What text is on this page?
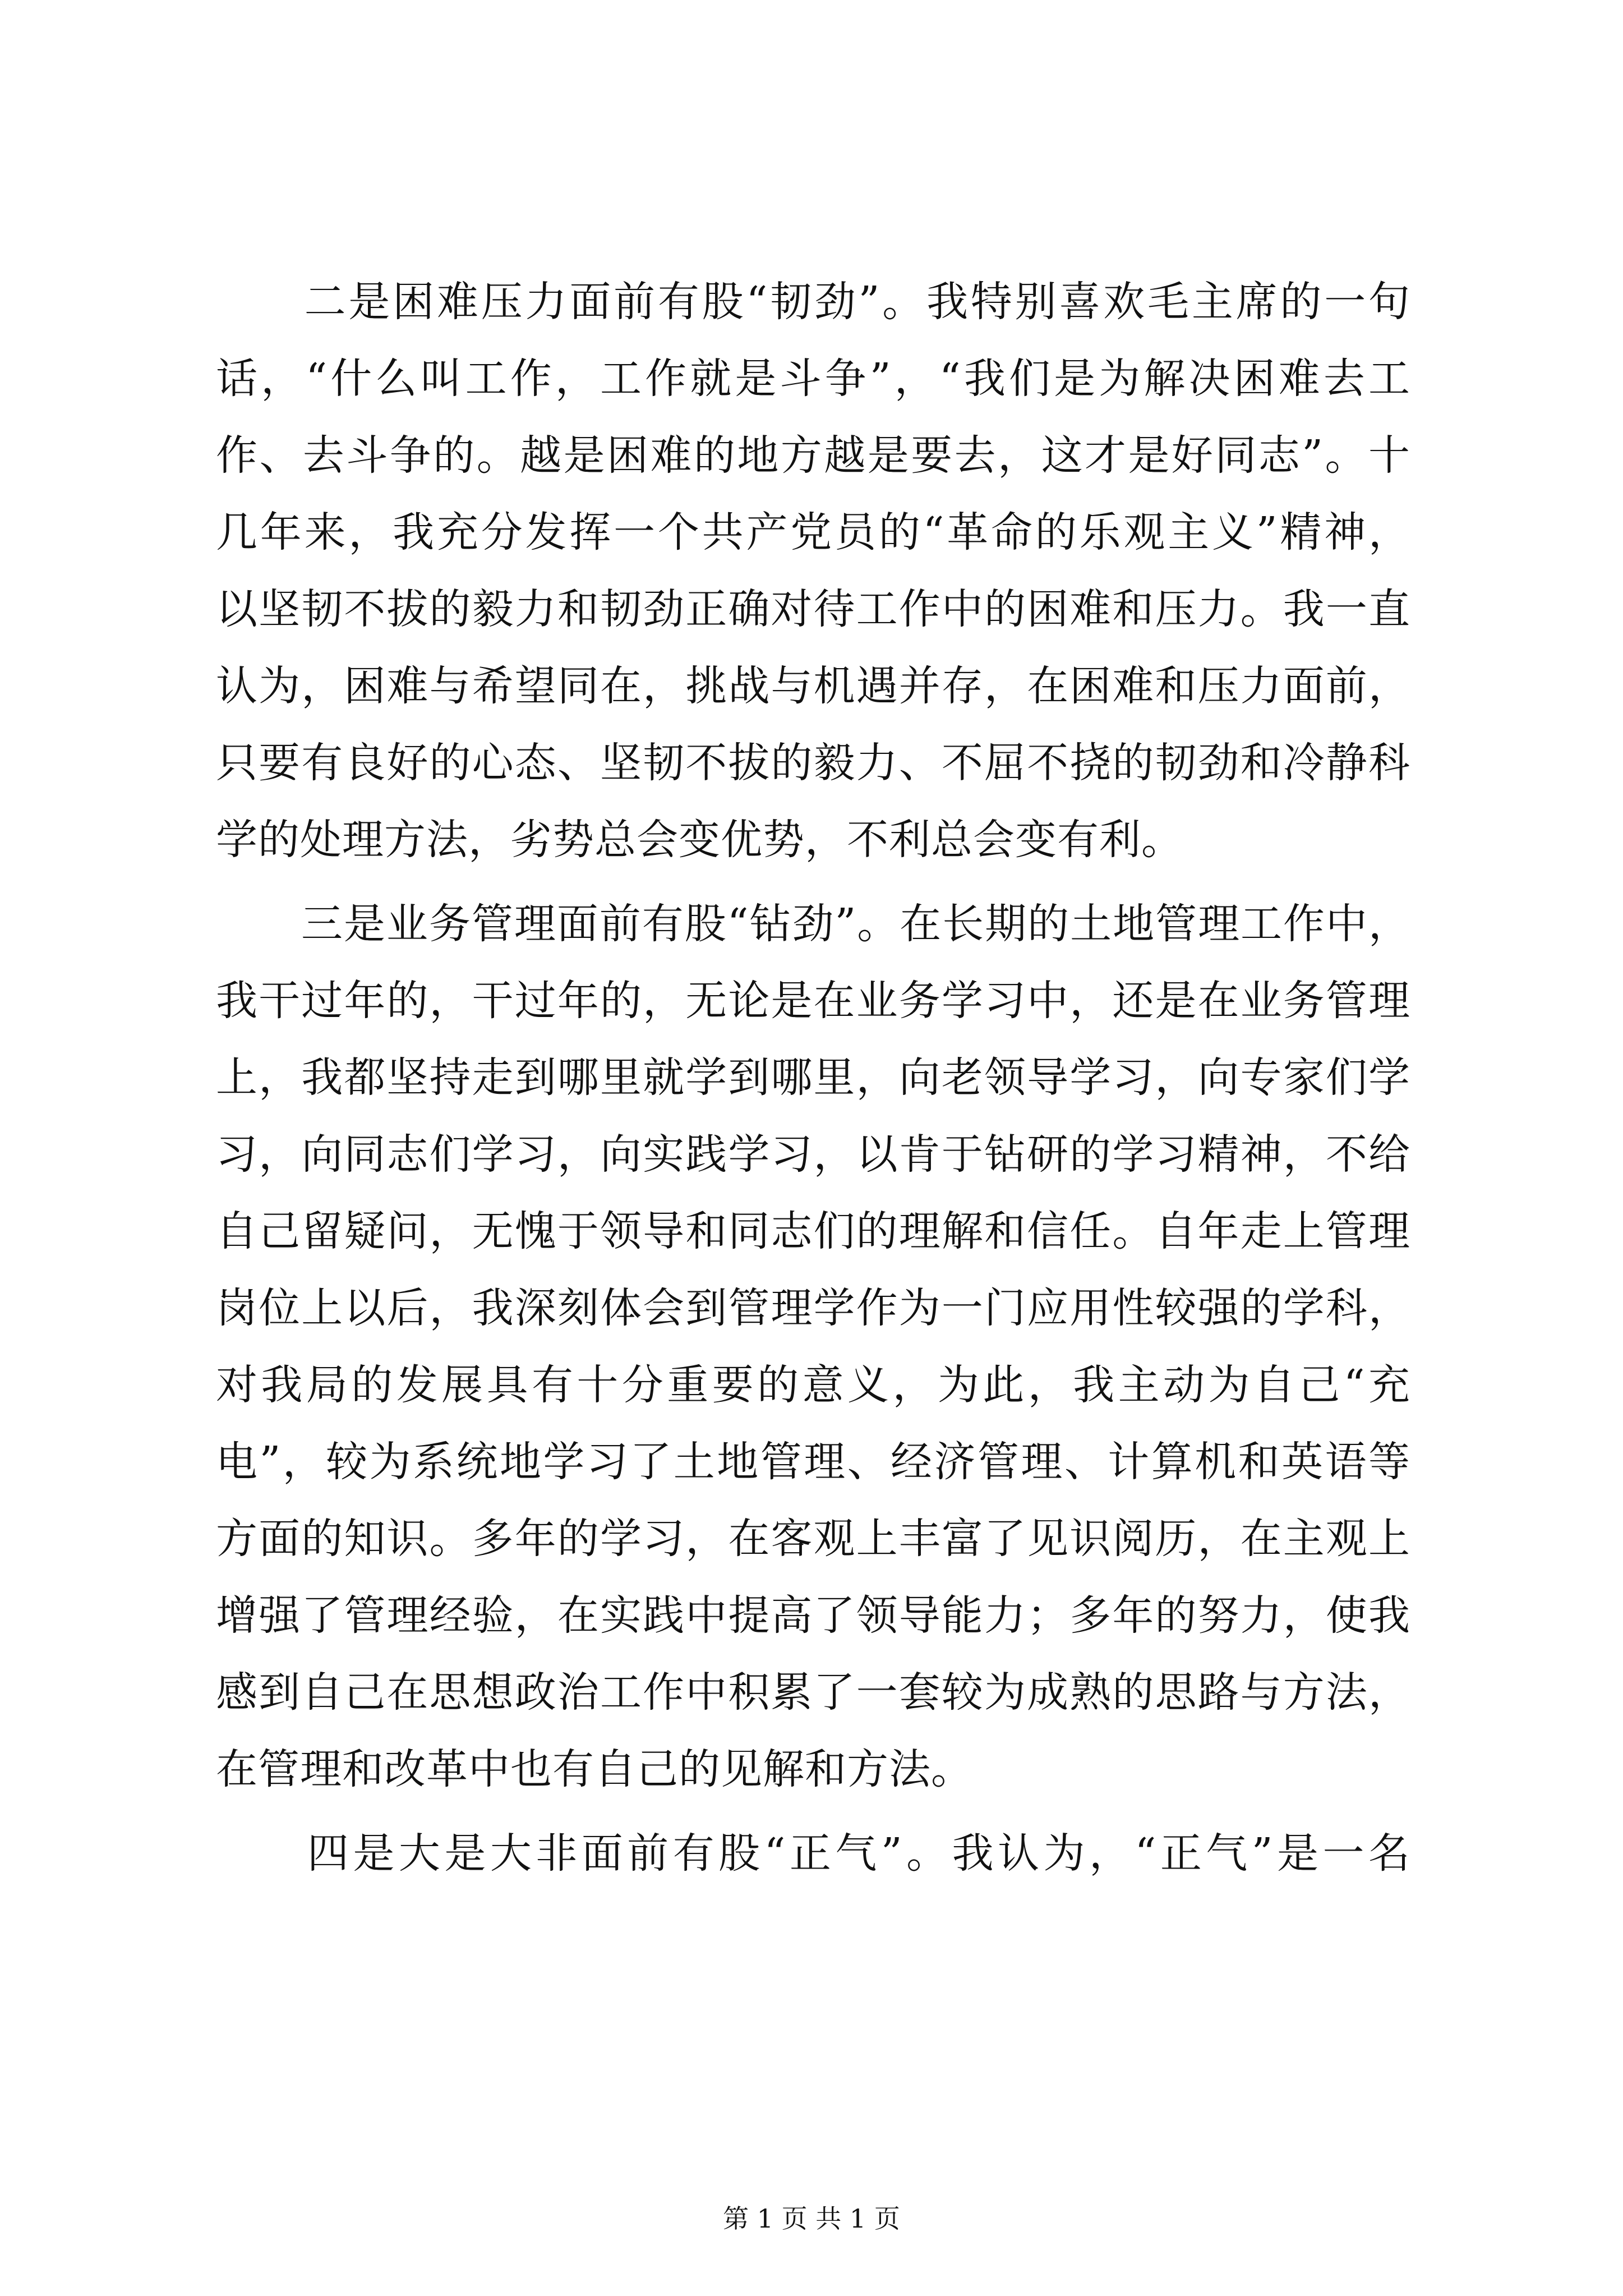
　　二是困难压力面前有股“韧劲”。我特别喜欢毛主席的一句
话，“什么叫工作，工作就是斗争”，“我们是为解决困难去工
作、去斗争的。越是困难的地方越是要去，这才是好同志”。十
几年来，我充分发挥一个共产党员的“革命的乐观主义”精神，
以坚韧不拔的毅力和韧劲正确对待工作中的困难和压力。我一直
认为，困难与希望同在，挑战与机遇并存，在困难和压力面前，
只要有良好的心态、坚韧不拔的毅力、不屈不挠的韧劲和冷静科
学的处理方法，劣势总会变优势，不利总会变有利。
　　三是业务管理面前有股“钻劲”。在长期的土地管理工作中，
我干过年的，干过年的，无论是在业务学习中，还是在业务管理
上，我都坚持走到哪里就学到哪里，向老领导学习，向专家们学
习，向同志们学习，向实践学习，以肯于钻研的学习精神，不给
自己留疑问，无愧于领导和同志们的理解和信任。自年走上管理
岗位上以后，我深刻体会到管理学作为一门应用性较强的学科，
对我局的发展具有十分重要的意义，为此，我主动为自己“充
电”，较为系统地学习了土地管理、经济管理、计算机和英语等
方面的知识。多年的学习，在客观上丰富了见识阅历，在主观上
增强了管理经验，在实践中提高了领导能力；多年的努力，使我
感到自己在思想政治工作中积累了一套较为成熟的思路与方法，
在管理和改革中也有自己的见解和方法。
　　四是大是大非面前有股“正气”。我认为，“正气”是一名
第 1 页 共 1 页
